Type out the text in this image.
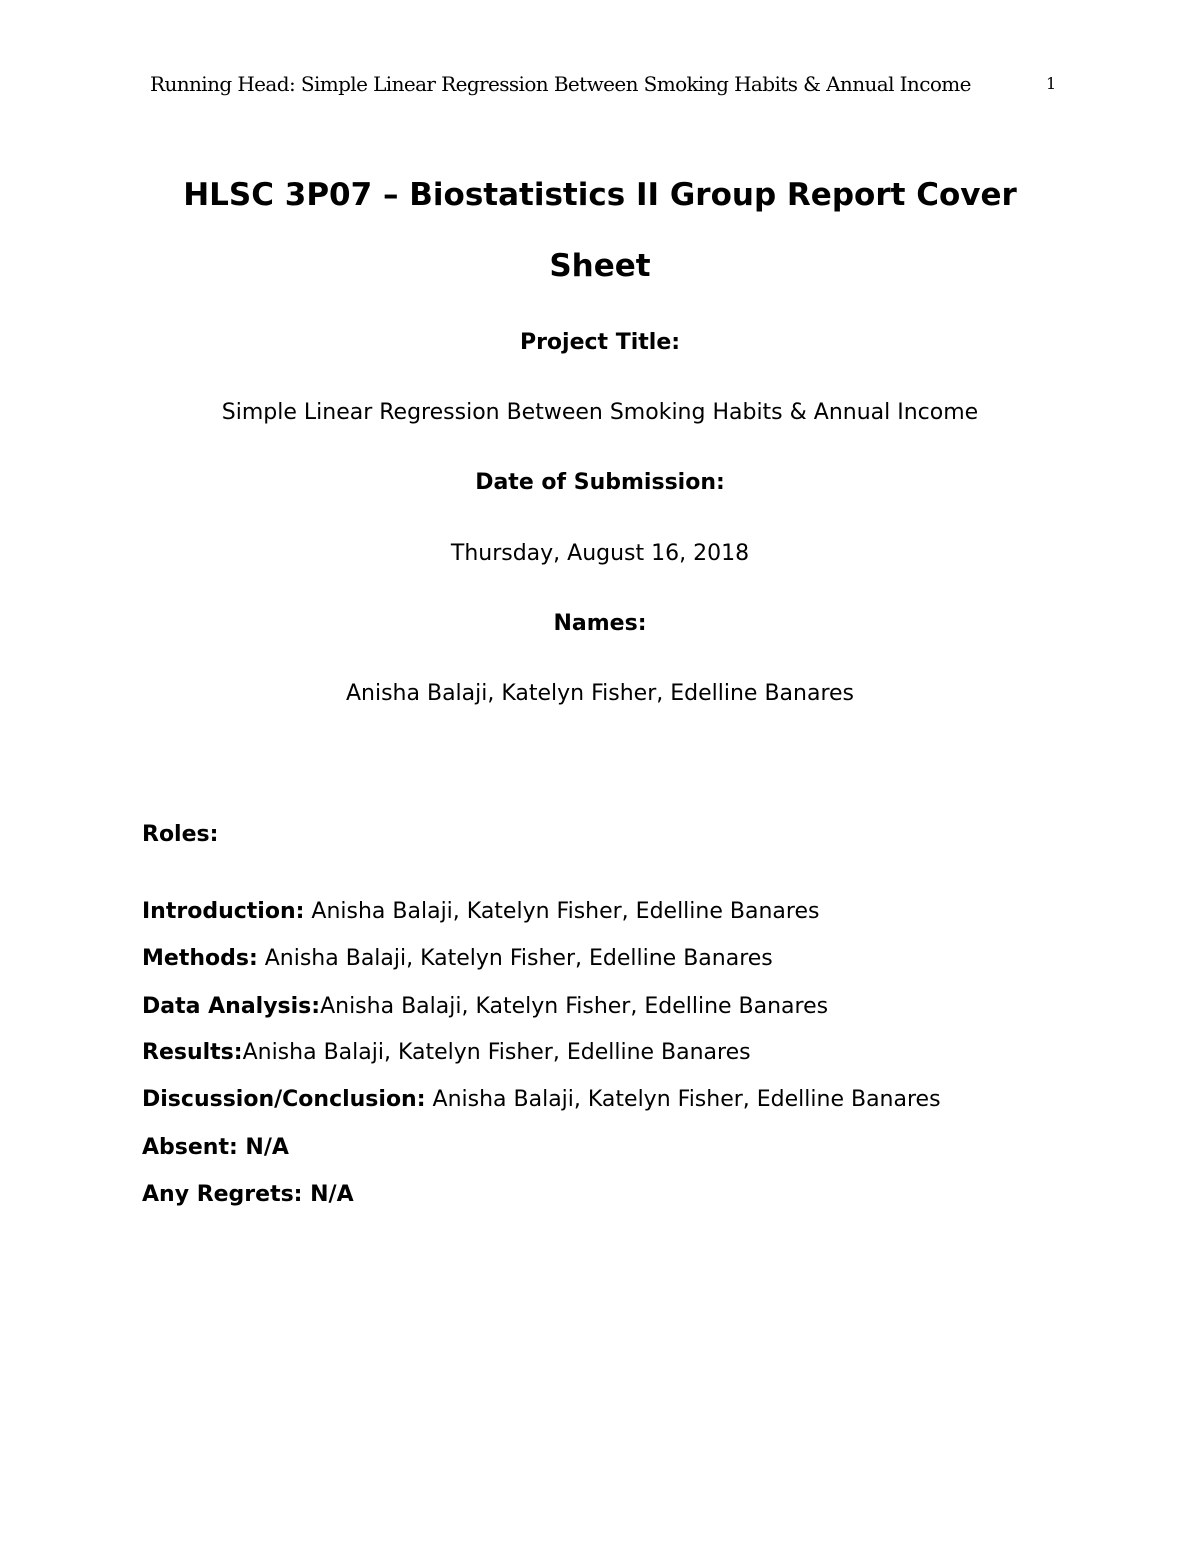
Running Head: Simple Linear Regression Between Smoking Habits & Annual Income	1
HLSC 3P07 – Biostatistics II Group Report Cover
Sheet
Project Title:
Simple Linear Regression Between Smoking Habits & Annual Income
Date of Submission:
Thursday, August 16, 2018
Names:
Anisha Balaji, Katelyn Fisher, Edelline Banares
Roles:
Introduction: Anisha Balaji, Katelyn Fisher, Edelline Banares
Methods: Anisha Balaji, Katelyn Fisher, Edelline Banares
Data Analysis:Anisha Balaji, Katelyn Fisher, Edelline Banares
Results:Anisha Balaji, Katelyn Fisher, Edelline Banares
Discussion/Conclusion: Anisha Balaji, Katelyn Fisher, Edelline Banares
Absent: N/A
Any Regrets: N/A
